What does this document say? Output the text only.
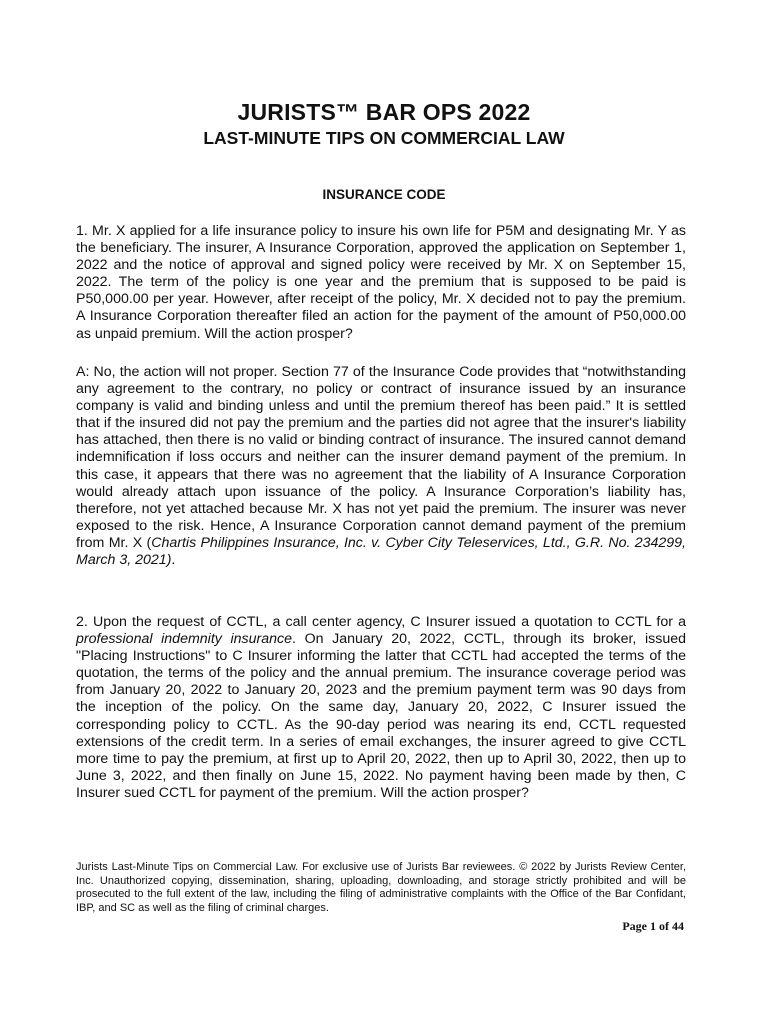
JURISTS™ BAR OPS 2022
LAST-MINUTE TIPS ON COMMERCIAL LAW
INSURANCE CODE

1. Mr. X applied for a life insurance policy to insure his own life for P5M and designating Mr. Y as the beneficiary. The insurer, A Insurance Corporation, approved the application on September 1, 2022 and the notice of approval and signed policy were received by Mr. X on September 15, 2022. The term of the policy is one year and the premium that is supposed to be paid is P50,000.00 per year. However, after receipt of the policy, Mr. X decided not to pay the premium. A Insurance Corporation thereafter filed an action for the payment of the amount of P50,000.00 as unpaid premium. Will the action prosper?

A: No, the action will not proper. Section 77 of the Insurance Code provides that “notwithstanding any agreement to the contrary, no policy or contract of insurance issued by an insurance company is valid and binding unless and until the premium thereof has been paid.” It is settled that if the insured did not pay the premium and the parties did not agree that the insurer's liability has attached, then there is no valid or binding contract of insurance. The insured cannot demand indemnification if loss occurs and neither can the insurer demand payment of the premium. In this case, it appears that there was no agreement that the liability of A Insurance Corporation would already attach upon issuance of the policy. A Insurance Corporation’s liability has, therefore, not yet attached because Mr. X has not yet paid the premium. The insurer was never exposed to the risk. Hence, A Insurance Corporation cannot demand payment of the premium from Mr. X (Chartis Philippines Insurance, Inc. v. Cyber City Teleservices, Ltd., G.R. No. 234299, March 3, 2021).

2. Upon the request of CCTL, a call center agency, C Insurer issued a quotation to CCTL for a professional indemnity insurance. On January 20, 2022, CCTL, through its broker, issued "Placing Instructions" to C Insurer informing the latter that CCTL had accepted the terms of the quotation, the terms of the policy and the annual premium. The insurance coverage period was from January 20, 2022 to January 20, 2023 and the premium payment term was 90 days from the inception of the policy. On the same day, January 20, 2022, C Insurer issued the corresponding policy to CCTL. As the 90-day period was nearing its end, CCTL requested extensions of the credit term. In a series of email exchanges, the insurer agreed to give CCTL more time to pay the premium, at first up to April 20, 2022, then up to April 30, 2022, then up to June 3, 2022, and then finally on June 15, 2022. No payment having been made by then, C Insurer sued CCTL for payment of the premium. Will the action prosper?

Jurists Last-Minute Tips on Commercial Law. For exclusive use of Jurists Bar reviewees. © 2022 by Jurists Review Center, Inc. Unauthorized copying, dissemination, sharing, uploading, downloading, and storage strictly prohibited and will be prosecuted to the full extent of the law, including the filing of administrative complaints with the Office of the Bar Confidant, IBP, and SC as well as the filing of criminal charges.

Page 1 of 44
